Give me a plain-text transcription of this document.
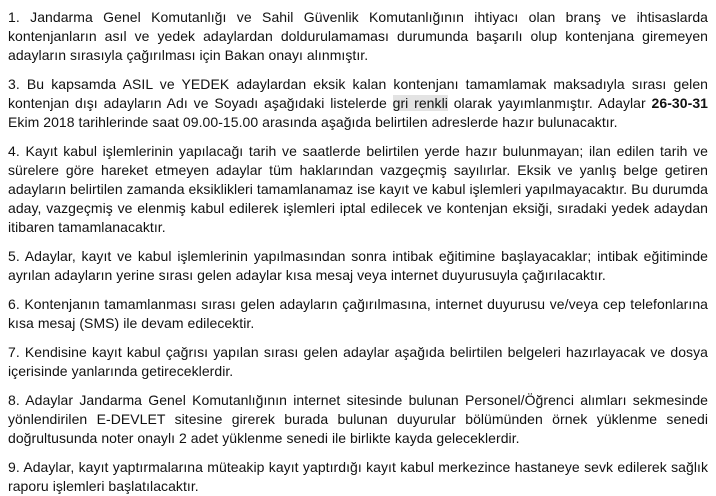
1. Jandarma Genel Komutanlığı ve Sahil Güvenlik Komutanlığının ihtiyacı olan branş ve ihtisaslarda kontenjanların asıl ve yedek adaylardan doldurulamaması durumunda başarılı olup kontenjana giremeyen adayların sırasıyla çağırılması için Bakan onayı alınmıştır.

3. Bu kapsamda ASIL ve YEDEK adaylardan eksik kalan kontenjanı tamamlamak maksadıyla sırası gelen kontenjan dışı adayların Adı ve Soyadı aşağıdaki listelerde gri renkli olarak yayımlanmıştır. Adaylar 26-30-31 Ekim 2018 tarihlerinde saat 09.00-15.00 arasında aşağıda belirtilen adreslerde hazır bulunacaktır.

4. Kayıt kabul işlemlerinin yapılacağı tarih ve saatlerde belirtilen yerde hazır bulunmayan; ilan edilen tarih ve sürelere göre hareket etmeyen adaylar tüm haklarından vazgeçmiş sayılırlar. Eksik ve yanlış belge getiren adayların belirtilen zamanda eksiklikleri tamamlanamaz ise kayıt ve kabul işlemleri yapılmayacaktır. Bu durumda aday, vazgeçmiş ve elenmiş kabul edilerek işlemleri iptal edilecek ve kontenjan eksiği, sıradaki yedek adaydan itibaren tamamlanacaktır.

5. Adaylar, kayıt ve kabul işlemlerinin yapılmasından sonra intibak eğitimine başlayacaklar; intibak eğitiminde ayrılan adayların yerine sırası gelen adaylar kısa mesaj veya internet duyurusuyla çağırılacaktır.

6. Kontenjanın tamamlanması sırası gelen adayların çağırılmasına, internet duyurusu ve/veya cep telefonlarına kısa mesaj (SMS) ile devam edilecektir.

7. Kendisine kayıt kabul çağrısı yapılan sırası gelen adaylar aşağıda belirtilen belgeleri hazırlayacak ve dosya içerisinde yanlarında getireceklerdir.

8. Adaylar Jandarma Genel Komutanlığının internet sitesinde bulunan Personel/Öğrenci alımları sekmesinde yönlendirilen E-DEVLET sitesine girerek burada bulunan duyurular bölümünden örnek yüklenme senedi doğrultusunda noter onaylı 2 adet yüklenme senedi ile birlikte kayda geleceklerdir.

9. Adaylar, kayıt yaptırmalarına müteakip kayıt yaptırdığı kayıt kabul merkezince hastaneye sevk edilerek sağlık raporu işlemleri başlatılacaktır.
